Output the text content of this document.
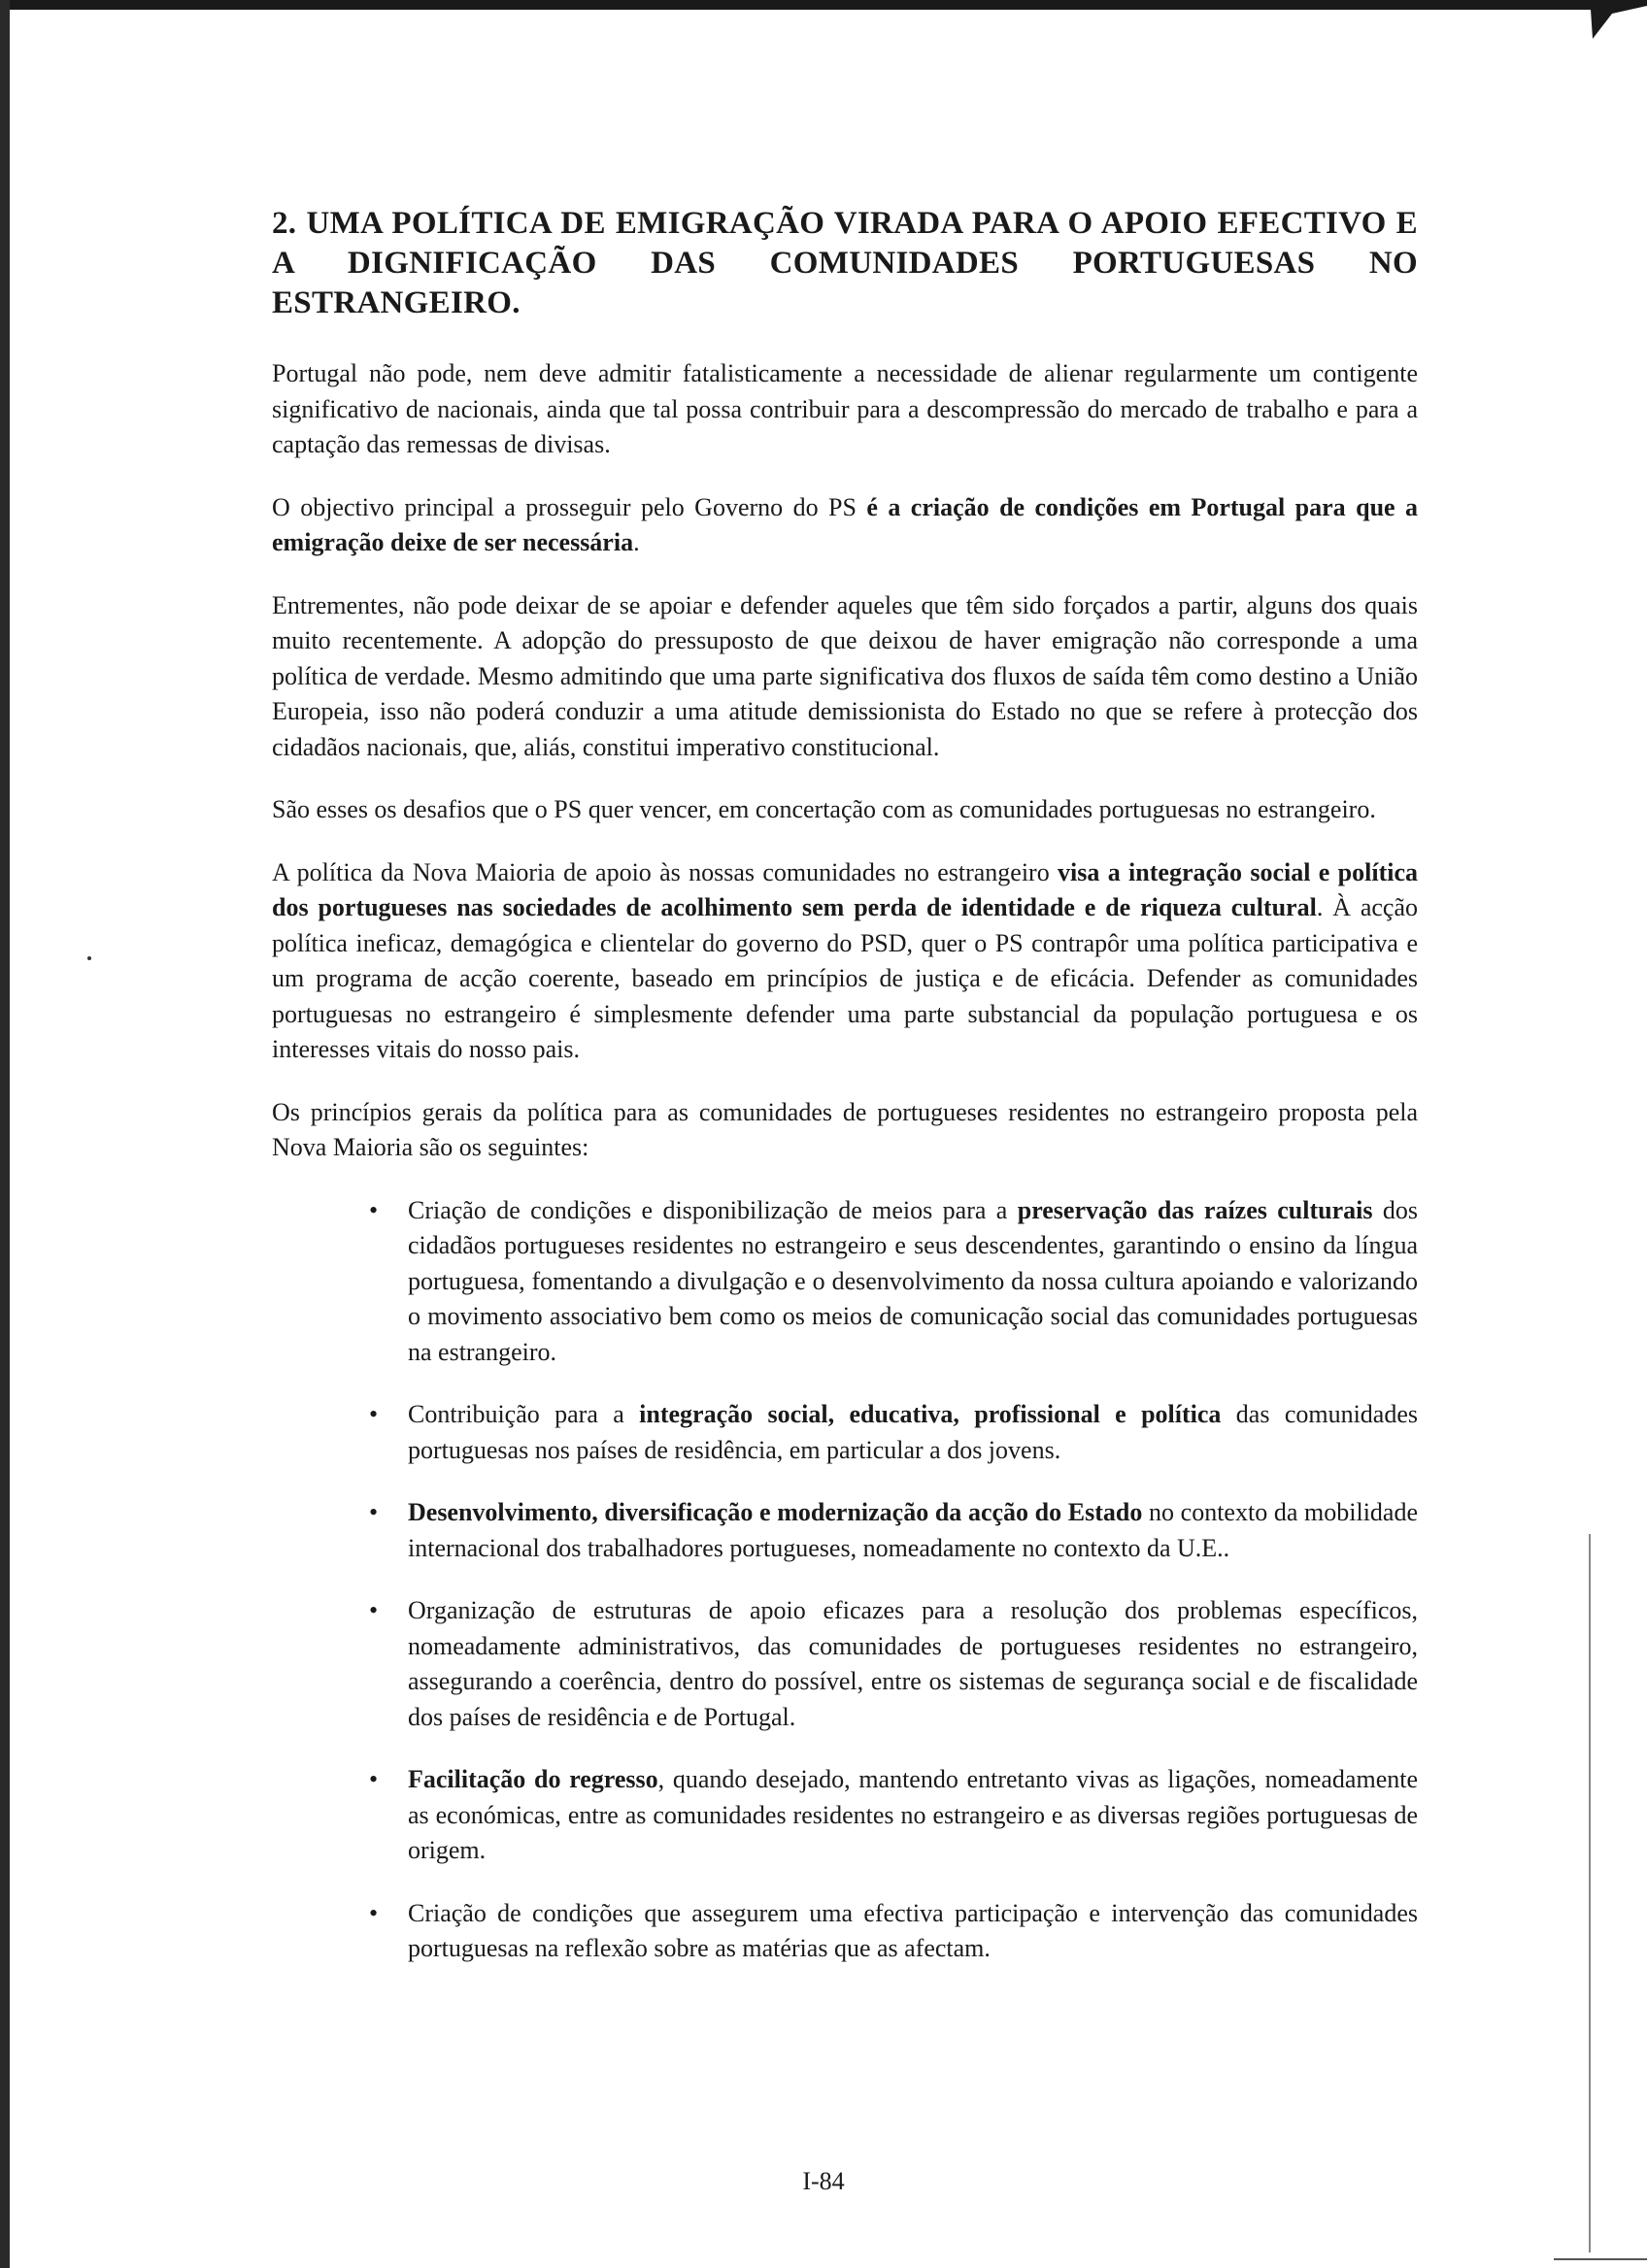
2. UMA POLÍTICA DE EMIGRAÇÃO VIRADA PARA O APOIO EFECTIVO E A DIGNIFICAÇÃO DAS COMUNIDADES PORTUGUESAS NO ESTRANGEIRO.

Portugal não pode, nem deve admitir fatalisticamente a necessidade de alienar regularmente um contigente significativo de nacionais, ainda que tal possa contribuir para a descompressão do mercado de trabalho e para a captação das remessas de divisas.

O objectivo principal a prosseguir pelo Governo do PS é a criação de condições em Portugal para que a emigração deixe de ser necessária.

Entrementes, não pode deixar de se apoiar e defender aqueles que têm sido forçados a partir, alguns dos quais muito recentemente. A adopção do pressuposto de que deixou de haver emigração não corresponde a uma política de verdade. Mesmo admitindo que uma parte significativa dos fluxos de saída têm como destino a União Europeia, isso não poderá conduzir a uma atitude demissionista do Estado no que se refere à protecção dos cidadãos nacionais, que, aliás, constitui imperativo constitucional.

São esses os desafios que o PS quer vencer, em concertação com as comunidades portuguesas no estrangeiro.

A política da Nova Maioria de apoio às nossas comunidades no estrangeiro visa a integração social e política dos portugueses nas sociedades de acolhimento sem perda de identidade e de riqueza cultural. À acção política ineficaz, demagógica e clientelar do governo do PSD, quer o PS contrapôr uma política participativa e um programa de acção coerente, baseado em princípios de justiça e de eficácia. Defender as comunidades portuguesas no estrangeiro é simplesmente defender uma parte substancial da população portuguesa e os interesses vitais do nosso pais.

Os princípios gerais da política para as comunidades de portugueses residentes no estrangeiro proposta pela Nova Maioria são os seguintes:

• Criação de condições e disponibilização de meios para a preservação das raízes culturais dos cidadãos portugueses residentes no estrangeiro e seus descendentes, garantindo o ensino da língua portuguesa, fomentando a divulgação e o desenvolvimento da nossa cultura apoiando e valorizando o movimento associativo bem como os meios de comunicação social das comunidades portuguesas na estrangeiro.
• Contribuição para a integração social, educativa, profissional e política das comunidades portuguesas nos países de residência, em particular a dos jovens.
• Desenvolvimento, diversificação e modernização da acção do Estado no contexto da mobilidade internacional dos trabalhadores portugueses, nomeadamente no contexto da U.E..
• Organização de estruturas de apoio eficazes para a resolução dos problemas específicos, nomeadamente administrativos, das comunidades de portugueses residentes no estrangeiro, assegurando a coerência, dentro do possível, entre os sistemas de segurança social e de fiscalidade dos países de residência e de Portugal.
• Facilitação do regresso, quando desejado, mantendo entretanto vivas as ligações, nomeadamente as económicas, entre as comunidades residentes no estrangeiro e as diversas regiões portuguesas de origem.
• Criação de condições que assegurem uma efectiva participação e intervenção das comunidades portuguesas na reflexão sobre as matérias que as afectam.
I-84
